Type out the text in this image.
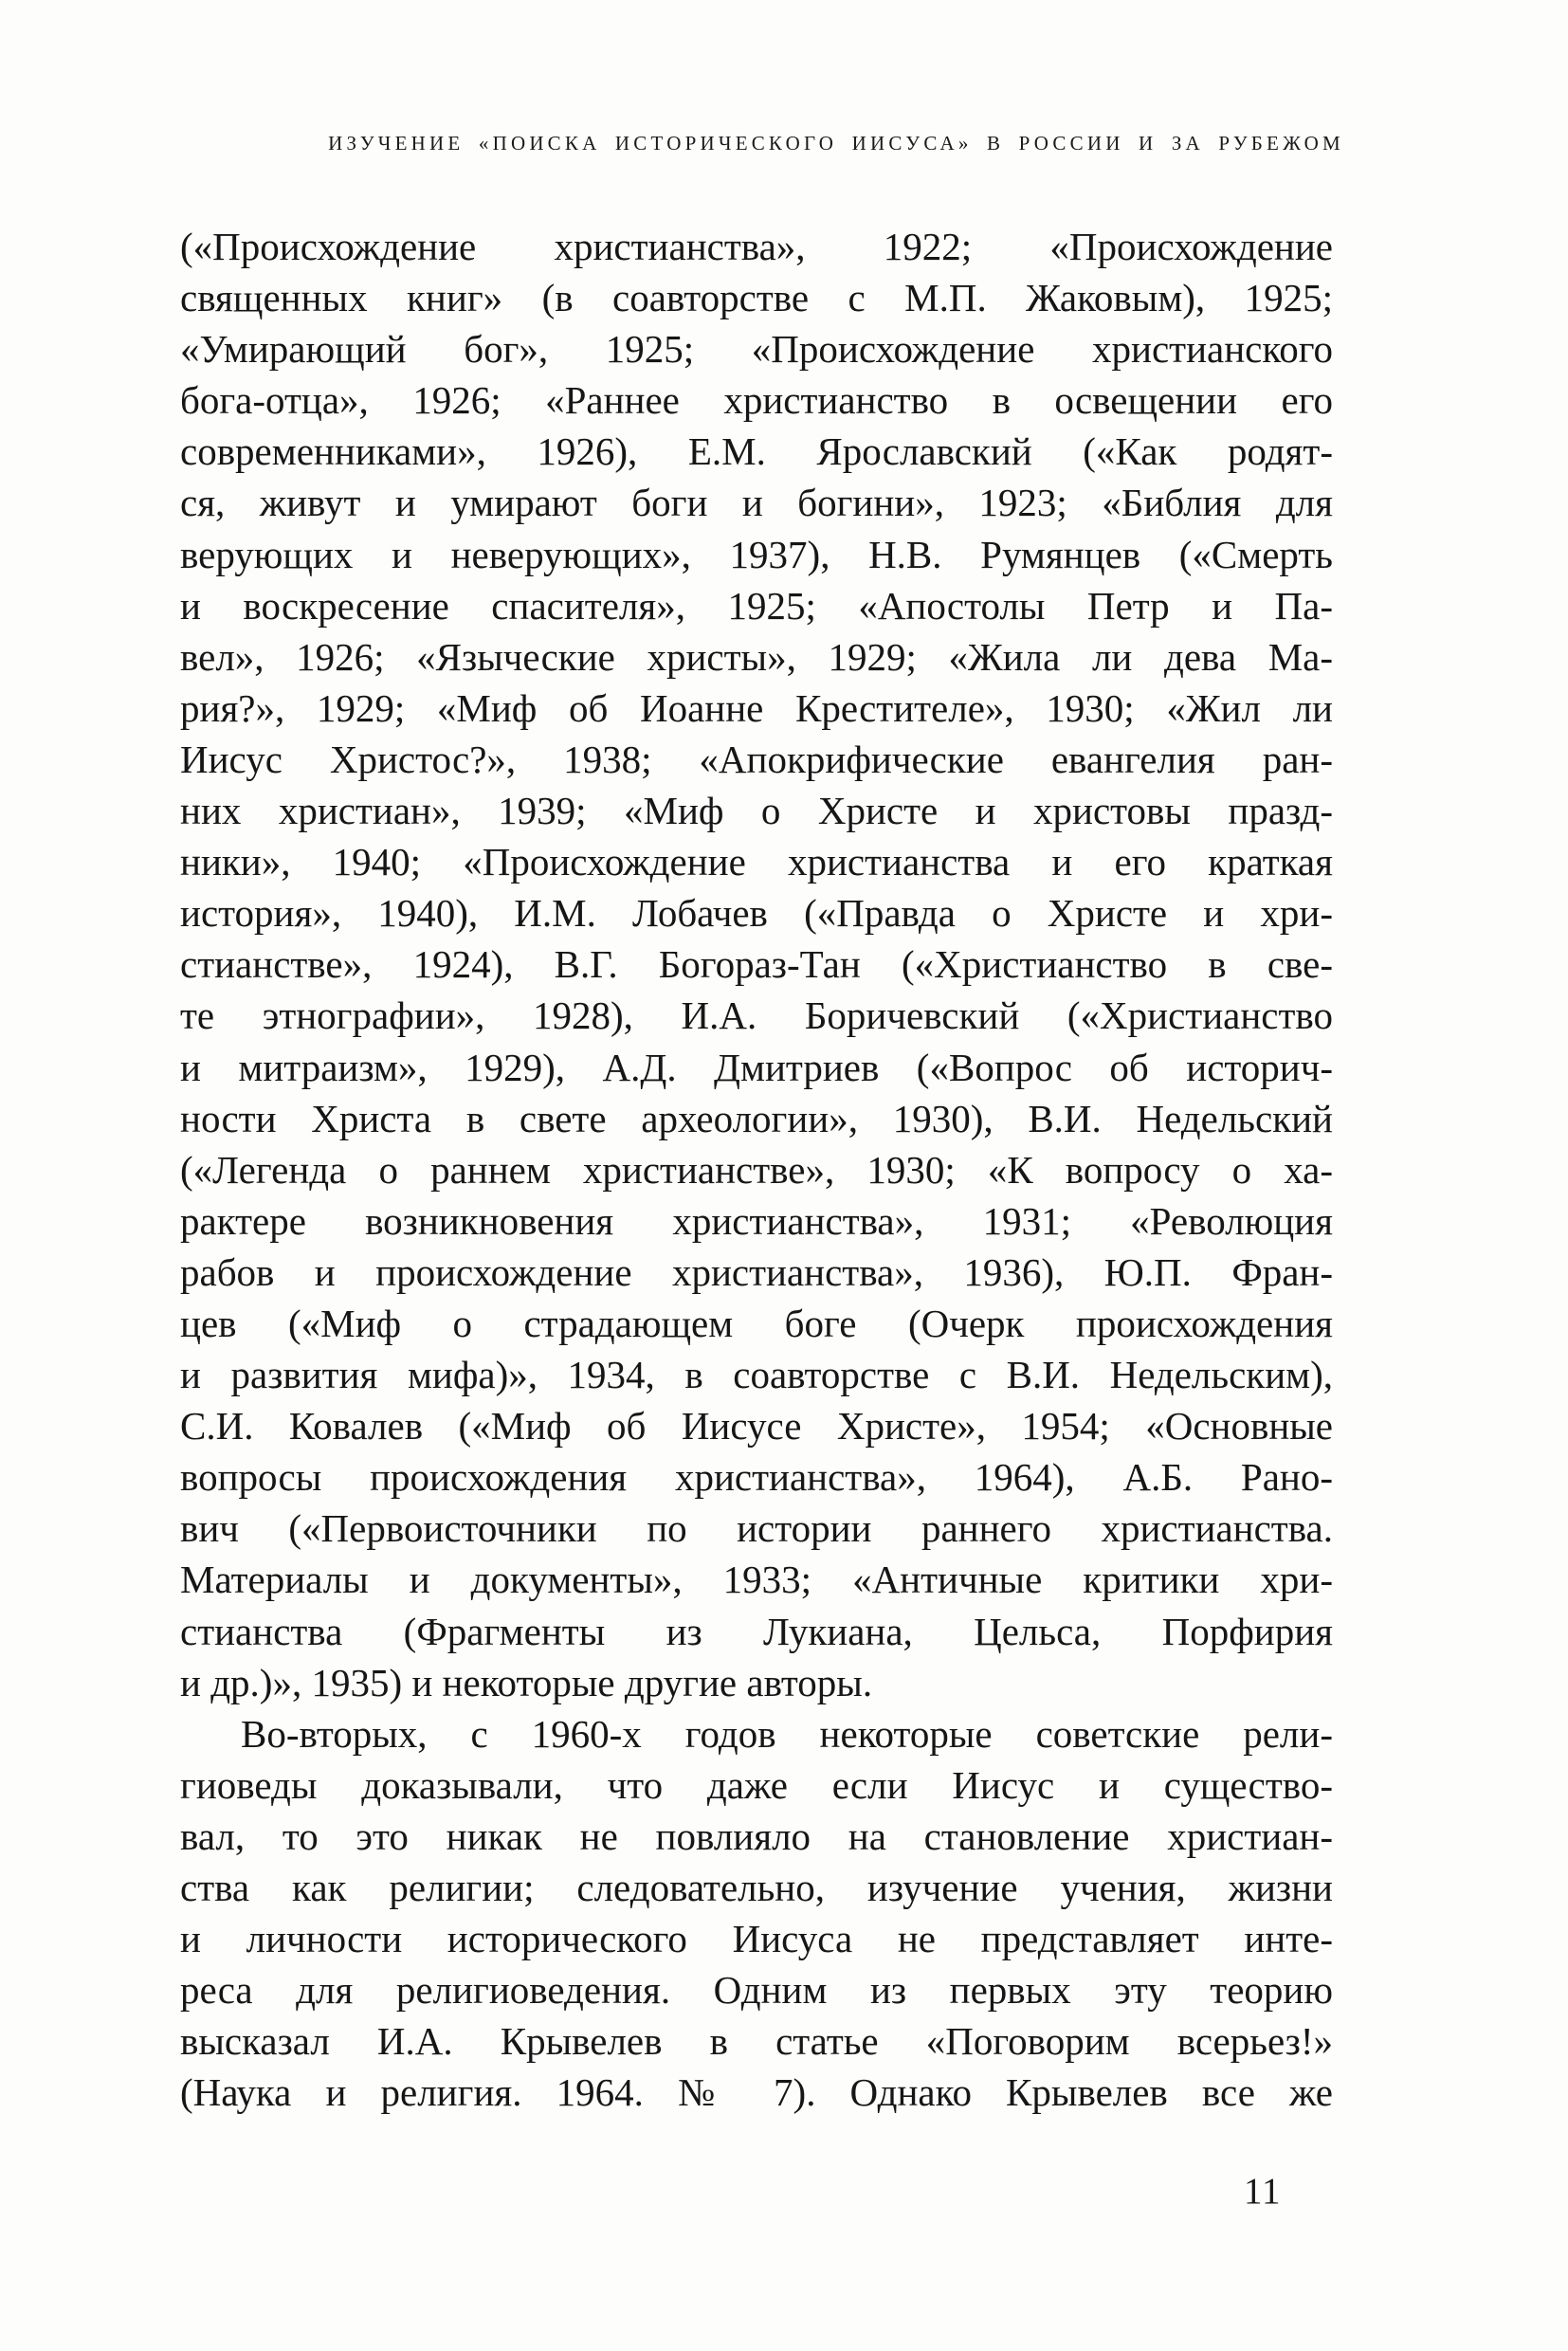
ИЗУЧЕНИЕ «ПОИСКА ИСТОРИЧЕСКОГО ИИСУСА» В РОССИИ И ЗА РУБЕЖОМ
(«Происхождение христианства», 1922; «Происхождение
священных книг» (в соавторстве с М.П. Жаковым), 1925;
«Умирающий бог», 1925; «Происхождение христианского
бога-отца», 1926; «Раннее христианство в освещении его
современниками», 1926), Е.М. Ярославский («Как родят-
ся, живут и умирают боги и богини», 1923; «Библия для
верующих и неверующих», 1937), Н.В. Румянцев («Смерть
и воскресение спасителя», 1925; «Апостолы Петр и Па-
вел», 1926; «Языческие христы», 1929; «Жила ли дева Ма-
рия?», 1929; «Миф об Иоанне Крестителе», 1930; «Жил ли
Иисус Христос?», 1938; «Апокрифические евангелия ран-
них христиан», 1939; «Миф о Христе и христовы празд-
ники», 1940; «Происхождение христианства и его краткая
история», 1940), И.М. Лобачев («Правда о Христе и хри-
стианстве», 1924), В.Г. Богораз-Тан («Христианство в све-
те этнографии», 1928), И.А. Боричевский («Христианство
и митраизм», 1929), А.Д. Дмитриев («Вопрос об историч-
ности Христа в свете археологии», 1930), В.И. Недельский
(«Легенда о раннем христианстве», 1930; «К вопросу о ха-
рактере возникновения христианства», 1931; «Революция
рабов и происхождение христианства», 1936), Ю.П. Фран-
цев («Миф о страдающем боге (Очерк происхождения
и развития мифа)», 1934, в соавторстве с В.И. Недельским),
С.И. Ковалев («Миф об Иисусе Христе», 1954; «Основные
вопросы происхождения христианства», 1964), А.Б. Рано-
вич («Первоисточники по истории раннего христианства.
Материалы и документы», 1933; «Античные критики хри-
стианства (Фрагменты из Лукиана, Цельса, Порфирия
и др.)», 1935) и некоторые другие авторы.
Во-вторых, с 1960-х годов некоторые советские рели-
гиоведы доказывали, что даже если Иисус и существо-
вал, то это никак не повлияло на становление христиан-
ства как религии; следовательно, изучение учения, жизни
и личности исторического Иисуса не представляет инте-
реса для религиоведения. Одним из первых эту теорию
высказал И.А. Крывелев в статье «Поговорим всерьез!»
(Наука и религия. 1964. № 7). Однако Крывелев все же
11
